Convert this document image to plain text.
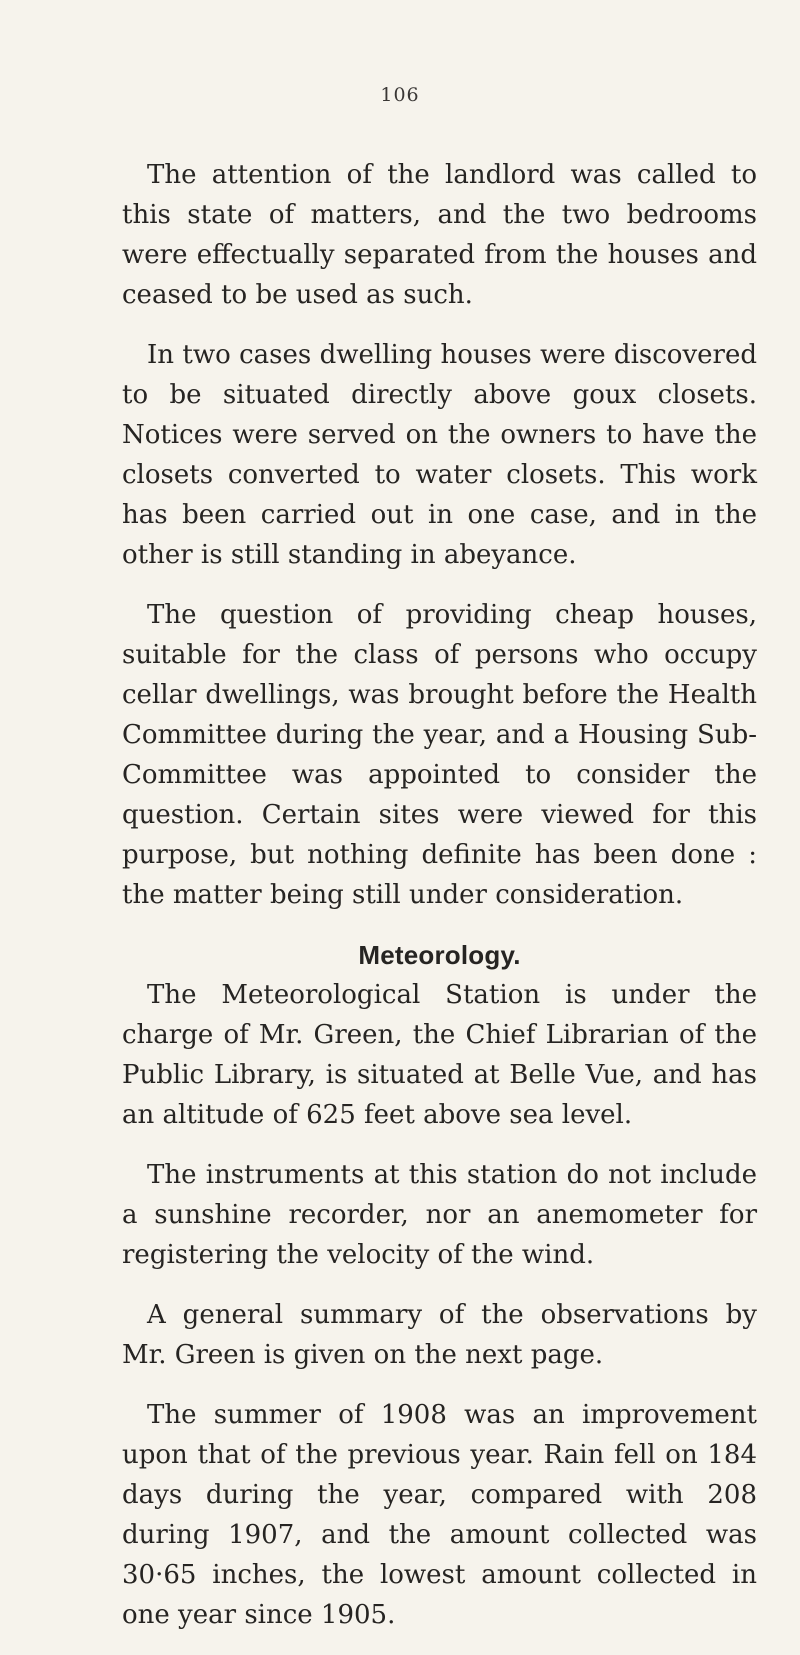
106

The attention of the landlord was called to this state of matters, and the two bedrooms were effectually separated from the houses and ceased to be used as such.

In two cases dwelling houses were discovered to be situated directly above goux closets. Notices were served on the owners to have the closets converted to water closets. This work has been carried out in one case, and in the other is still standing in abeyance.

The question of providing cheap houses, suitable for the class of persons who occupy cellar dwellings, was brought before the Health Committee during the year, and a Housing Sub-Committee was appointed to consider the question. Certain sites were viewed for this purpose, but nothing definite has been done : the matter being still under consideration.

Meteorology.

The Meteorological Station is under the charge of Mr. Green, the Chief Librarian of the Public Library, is situated at Belle Vue, and has an altitude of 625 feet above sea level.

The instruments at this station do not include a sunshine recorder, nor an anemometer for registering the velocity of the wind.

A general summary of the observations by Mr. Green is given on the next page.

The summer of 1908 was an improvement upon that of the previous year. Rain fell on 184 days during the year, compared with 208 during 1907, and the amount collected was 30·65 inches, the lowest amount collected in one year since 1905.
